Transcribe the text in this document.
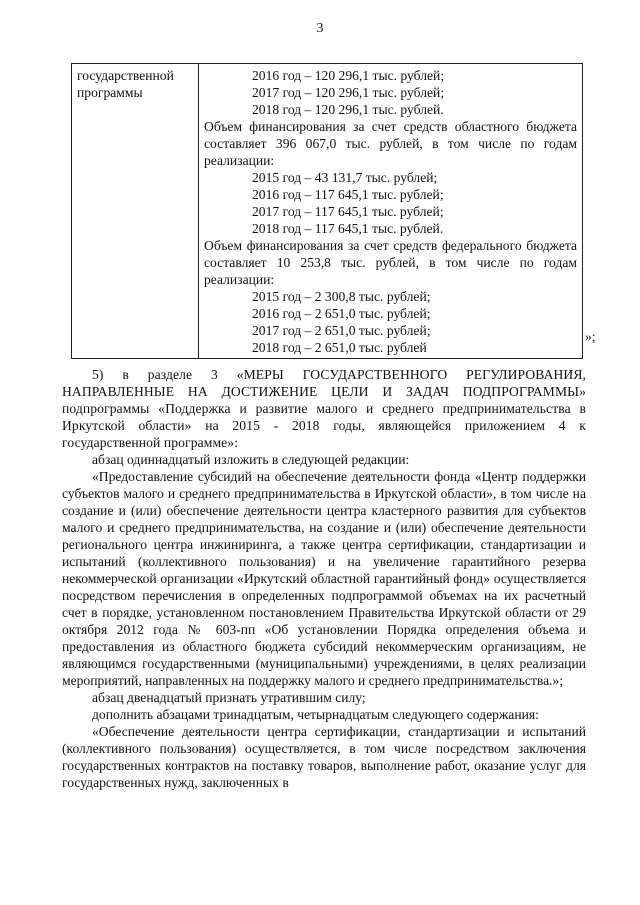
3
государственной
программы

2016 год – 120 296,1 тыс. рублей;
2017 год – 120 296,1 тыс. рублей;
2018 год – 120 296,1 тыс. рублей.
Объем финансирования за счет средств областного бюджета составляет 396 067,0 тыс. рублей, в том числе по годам реализации:
2015 год – 43 131,7 тыс. рублей;
2016 год – 117 645,1 тыс. рублей;
2017 год – 117 645,1 тыс. рублей;
2018 год – 117 645,1 тыс. рублей.
Объем финансирования за счет средств федерального бюджета составляет 10 253,8 тыс. рублей, в том числе по годам реализации:
2015 год – 2 300,8 тыс. рублей;
2016 год – 2 651,0 тыс. рублей;
2017 год – 2 651,0 тыс. рублей;
2018 год – 2 651,0 тыс. рублей
»;

5) в разделе 3 «МЕРЫ ГОСУДАРСТВЕННОГО РЕГУЛИРОВАНИЯ, НАПРАВЛЕННЫЕ НА ДОСТИЖЕНИЕ ЦЕЛИ И ЗАДАЧ ПОДПРОГРАММЫ» подпрограммы «Поддержка и развитие малого и среднего предпринимательства в Иркутской области» на 2015 - 2018 годы, являющейся приложением 4 к государственной программе»:

абзац одиннадцатый изложить в следующей редакции:

«Предоставление субсидий на обеспечение деятельности фонда «Центр поддержки субъектов малого и среднего предпринимательства в Иркутской области», в том числе на создание и (или) обеспечение деятельности центра кластерного развития для субъектов малого и среднего предпринимательства, на создание и (или) обеспечение деятельности регионального центра инжиниринга, а также центра сертификации, стандартизации и испытаний (коллективного пользования) и на увеличение гарантийного резерва некоммерческой организации «Иркутский областной гарантийный фонд» осуществляется посредством перечисления в определенных подпрограммой объемах на их расчетный счет в порядке, установленном постановлением Правительства Иркутской области от 29 октября 2012 года № 603-пп «Об установлении Порядка определения объема и предоставления из областного бюджета субсидий некоммерческим организациям, не являющимся государственными (муниципальными) учреждениями, в целях реализации мероприятий, направленных на поддержку малого и среднего предпринимательства.»;

абзац двенадцатый признать утратившим силу;

дополнить абзацами тринадцатым, четырнадцатым следующего содержания:

«Обеспечение деятельности центра сертификации, стандартизации и испытаний (коллективного пользования) осуществляется, в том числе посредством заключения государственных контрактов на поставку товаров, выполнение работ, оказание услуг для государственных нужд, заключенных в
